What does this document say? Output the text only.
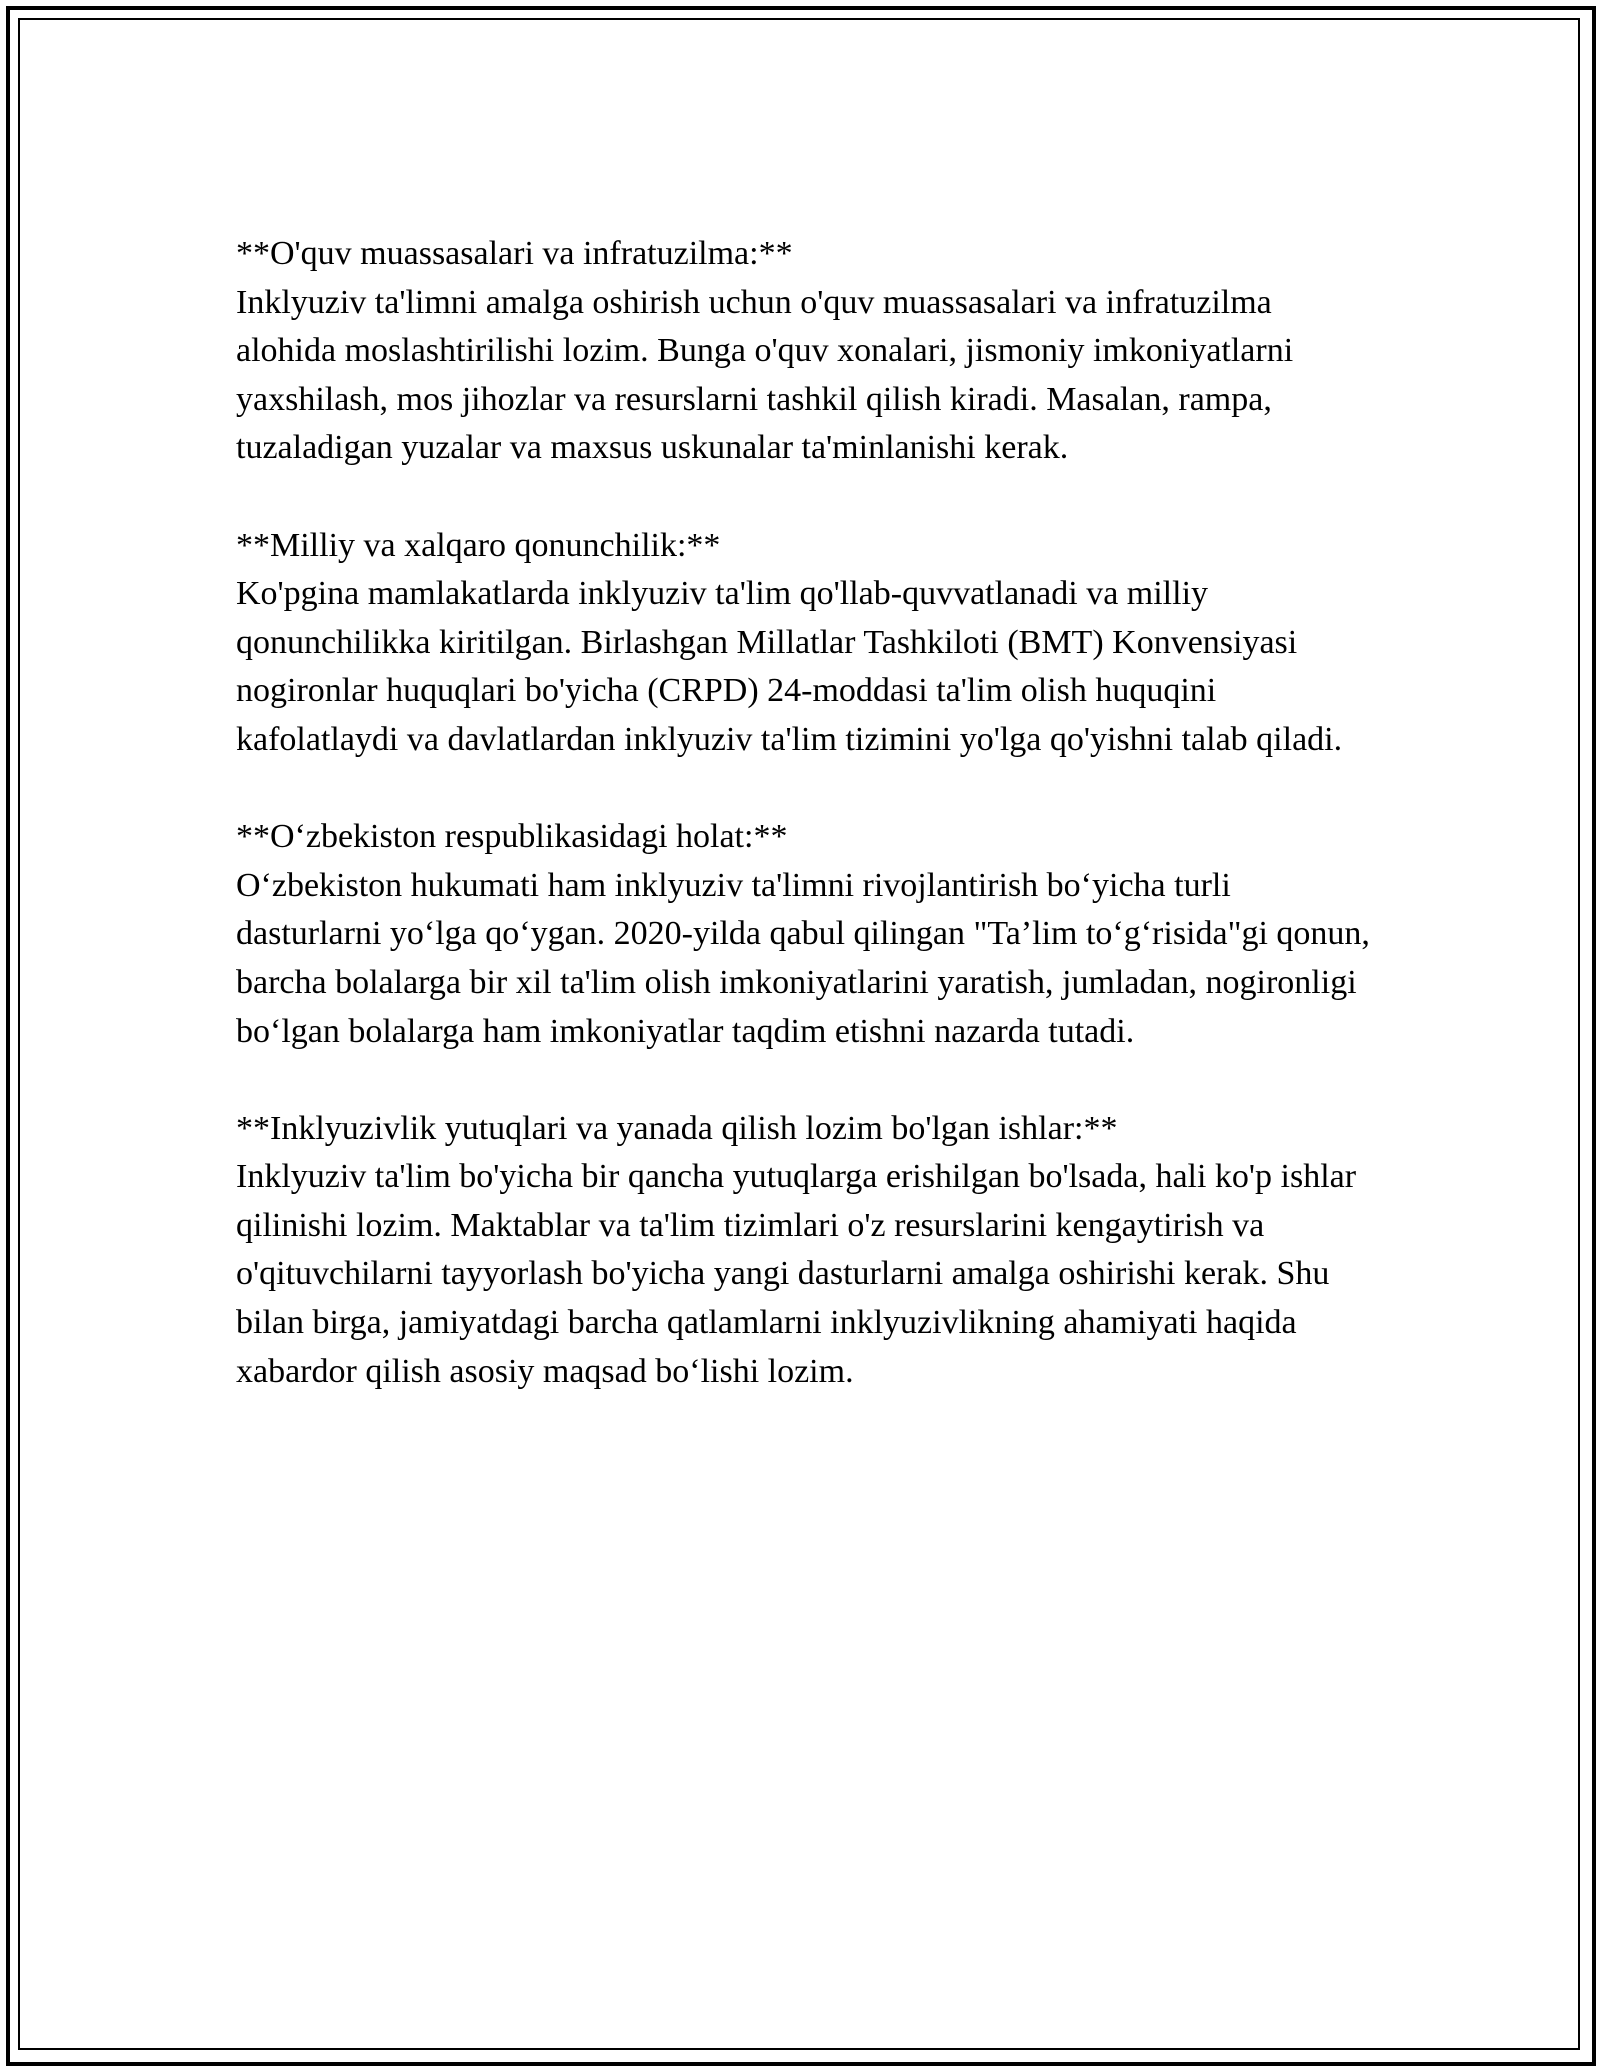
**O'quv muassasalari va infratuzilma:**

Inklyuziv ta'limni amalga oshirish uchun o'quv muassasalari va infratuzilma alohida moslashtirilishi lozim. Bunga o'quv xonalari, jismoniy imkoniyatlarni yaxshilash, mos jihozlar va resurslarni tashkil qilish kiradi. Masalan, rampa, tuzaladigan yuzalar va maxsus uskunalar ta'minlanishi kerak.

**Milliy va xalqaro qonunchilik:**

Ko'pgina mamlakatlarda inklyuziv ta'lim qo'llab-quvvatlanadi va milliy qonunchilikka kiritilgan. Birlashgan Millatlar Tashkiloti (BMT) Konvensiyasi nogironlar huquqlari bo'yicha (CRPD) 24-moddasi ta'lim olish huquqini kafolatlaydi va davlatlardan inklyuziv ta'lim tizimini yo'lga qo'yishni talab qiladi.

**O‘zbekiston respublikasidagi holat:**

O‘zbekiston hukumati ham inklyuziv ta'limni rivojlantirish bo‘yicha turli dasturlarni yo‘lga qo‘ygan. 2020-yilda qabul qilingan "Ta’lim to‘g‘risida"gi qonun, barcha bolalarga bir xil ta'lim olish imkoniyatlarini yaratish, jumladan, nogironligi bo‘lgan bolalarga ham imkoniyatlar taqdim etishni nazarda tutadi.

**Inklyuzivlik yutuqlari va yanada qilish lozim bo'lgan ishlar:**

Inklyuziv ta'lim bo'yicha bir qancha yutuqlarga erishilgan bo'lsada, hali ko'p ishlar qilinishi lozim. Maktablar va ta'lim tizimlari o'z resurslarini kengaytirish va o'qituvchilarni tayyorlash bo'yicha yangi dasturlarni amalga oshirishi kerak. Shu bilan birga, jamiyatdagi barcha qatlamlarni inklyuzivlikning ahamiyati haqida xabardor qilish asosiy maqsad bo‘lishi lozim.
